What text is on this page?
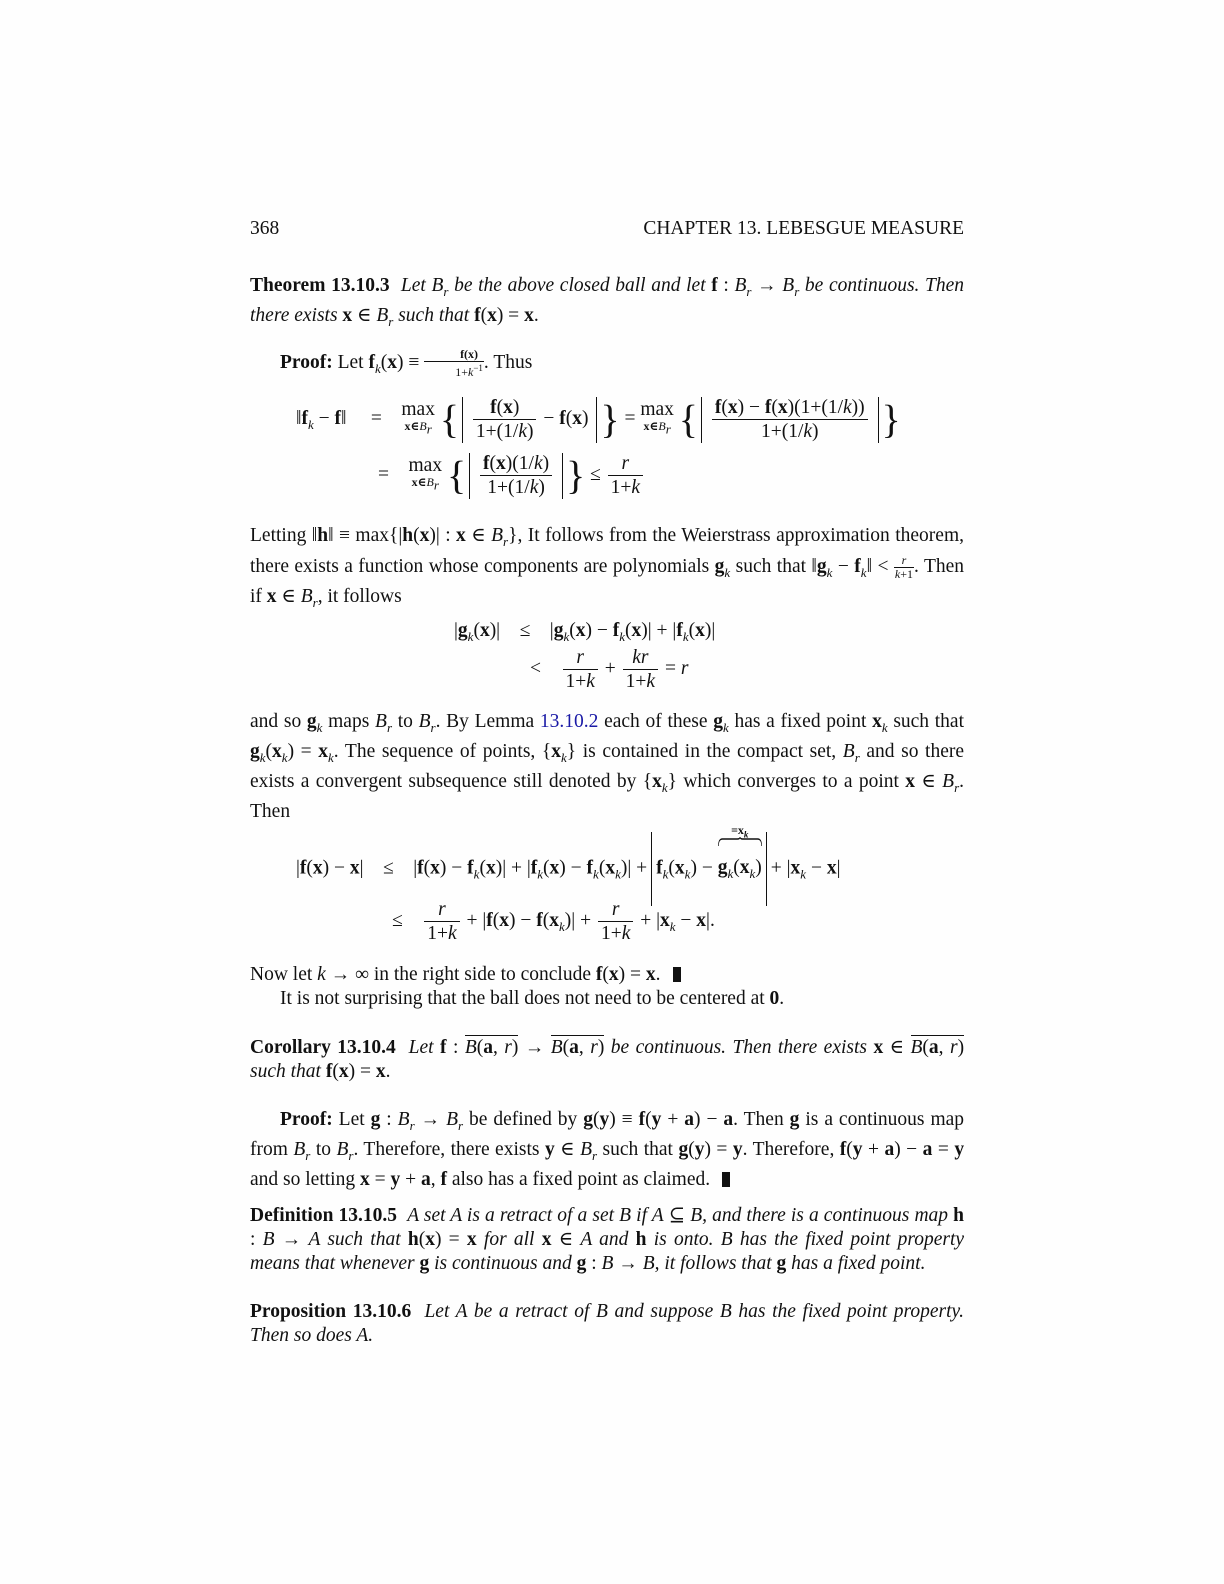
368	CHAPTER 13. LEBESGUE MEASURE
Theorem 13.10.3 Let $B_r$ be the above closed ball and let f : $B_r \to B_r$ be continuous. Then there exists x ∈ $B_r$ such that f(x) = x.
Proof: Let $f_k(x) \equiv \frac{f(x)}{1+k^{-1}}$ . Thus
$‖f_k$ − f‖     =    max
$x\in B_r$ { $\frac{f(x)}{1+(1/k)} - f(x)$ } = max
$x\in B_r$ { $\frac{f(x) - f(x)(1+(1/k))}{1+(1/k)}$ }
=    max
$x\in B_r$ { $\frac{f(x)(1/k)}{1+(1/k)}$ } ≤ $\frac{r}{1+k}$
Letting ‖h‖ ≡ max{|h(x)| : x ∈ $B_r$}, It follows from the Weierstrass approximation theorem, there exists a function whose components are polynomials $g_k$ such that $‖g_k$ − $f_k‖ < \frac{r}{k+1}$ . Then if x ∈ $B_r$, it follows
$|g_k(x)|$    ≤    $|g_k(x) - f_k(x)| + |f_k(x)|$
< $\frac{r}{1+k} + \frac{kr}{1+k} = r$
and so $g_k$ maps $B_r$ to $B_r$. By Lemma 13.10.2 each of these $g_k$ has a fixed point $x_k$ such that $g_k(x_k) = x_k$. The sequence of points, $\{x_k\}$ is contained in the compact set, $B_r$ and so there exists a convergent subsequence still denoted by $\{x_k\}$ which converges to a point x ∈ $B_r$. Then
|f(x) − x|    ≤    $|f(x) - f_k(x)| + |f_k(x) - f_k(x_k)| + f_k(x_k)$ −
$=x_k$
$g_k(x_k) + |x_k - x|$
≤ $\frac{r}{1+k} + |f(x) - f(x_k)| + \frac{r}{1+k} + |x_k - x|$.
Now let k → ∞ in the right side to conclude f(x) = x.
It is not surprising that the ball does not need to be centered at 0.
Corollary 13.10.4 Let f : B(a, r) → B(a, r) be continuous. Then there exists x ∈ B(a, r) such that f(x) = x.
Proof: Let g : $B_r \to B_r$ be defined by g(y) ≡ f(y + a) − a. Then g is a continuous map from $B_r$ to $B_r$. Therefore, there exists y ∈ $B_r$ such that g(y) = y. Therefore, f(y + a) − a = y and so letting x = y + a, f also has a fixed point as claimed.
Definition 13.10.5 A set A is a retract of a set B if A ⊆ B, and there is a continuous map h : B → A such that h(x) = x for all x ∈ A and h is onto. B has the fixed point property means that whenever g is continuous and g : B → B, it follows that g has a fixed point.
Proposition 13.10.6 Let A be a retract of B and suppose B has the fixed point property. Then so does A.
